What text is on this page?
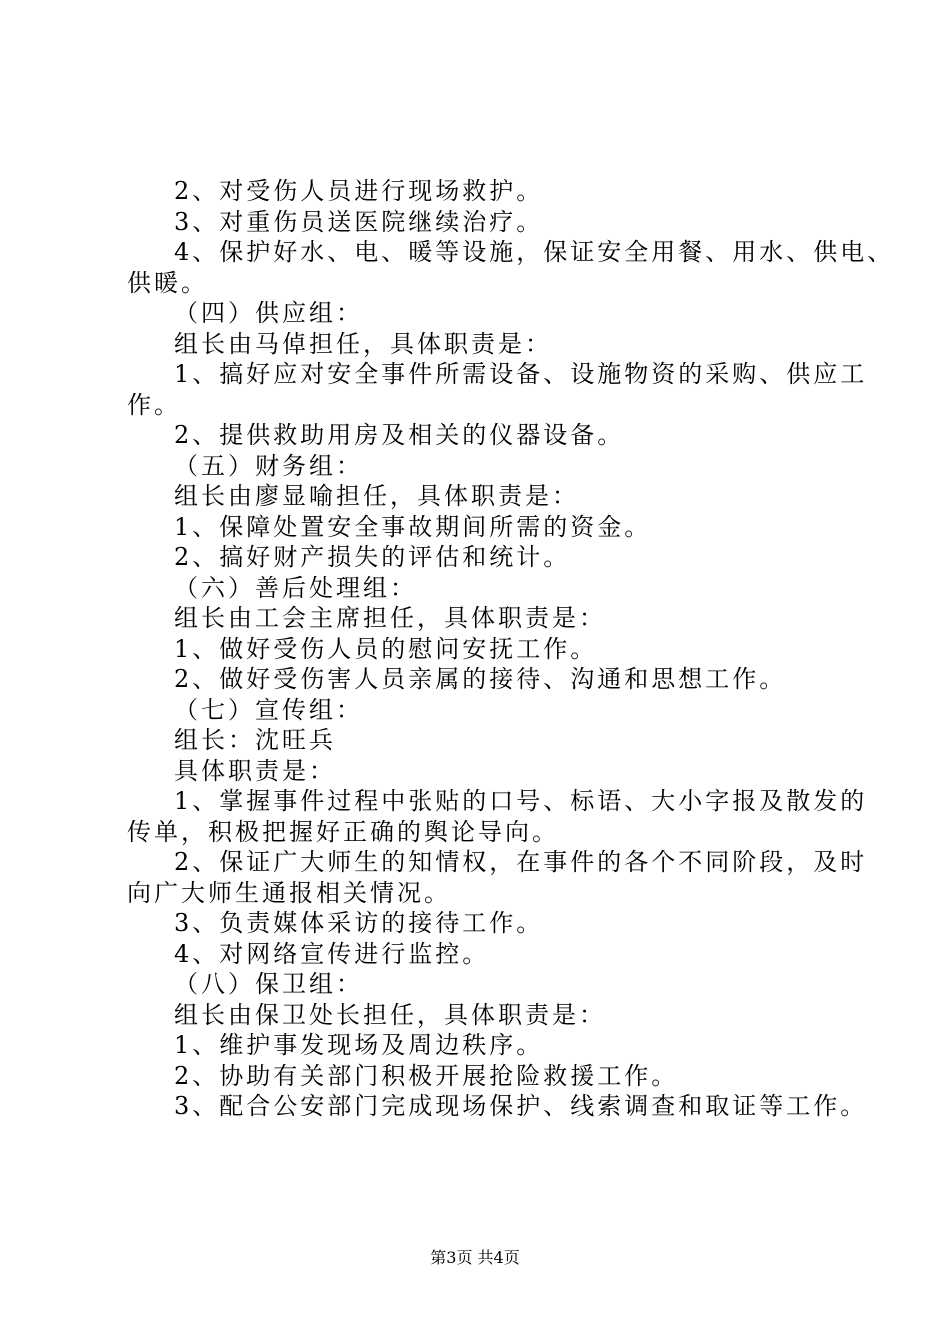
2、对受伤人员进行现场救护。
3、对重伤员送医院继续治疗。
4、保护好水、电、暖等设施，保证安全用餐、用水、供电、
供暖。
（四）供应组：
组长由马倬担任，具体职责是：
1、搞好应对安全事件所需设备、设施物资的采购、供应工
作。
2、提供救助用房及相关的仪器设备。
（五）财务组：
组长由廖显喻担任，具体职责是：
1、保障处置安全事故期间所需的资金。
2、搞好财产损失的评估和统计。
（六）善后处理组：
组长由工会主席担任，具体职责是：
1、做好受伤人员的慰问安抚工作。
2、做好受伤害人员亲属的接待、沟通和思想工作。
（七）宣传组：
组长：沈旺兵
具体职责是：
1、掌握事件过程中张贴的口号、标语、大小字报及散发的
传单，积极把握好正确的舆论导向。
2、保证广大师生的知情权，在事件的各个不同阶段，及时
向广大师生通报相关情况。
3、负责媒体采访的接待工作。
4、对网络宣传进行监控。
（八）保卫组：
组长由保卫处长担任，具体职责是：
1、维护事发现场及周边秩序。
2、协助有关部门积极开展抢险救援工作。
3、配合公安部门完成现场保护、线索调查和取证等工作。
第3页 共4页
